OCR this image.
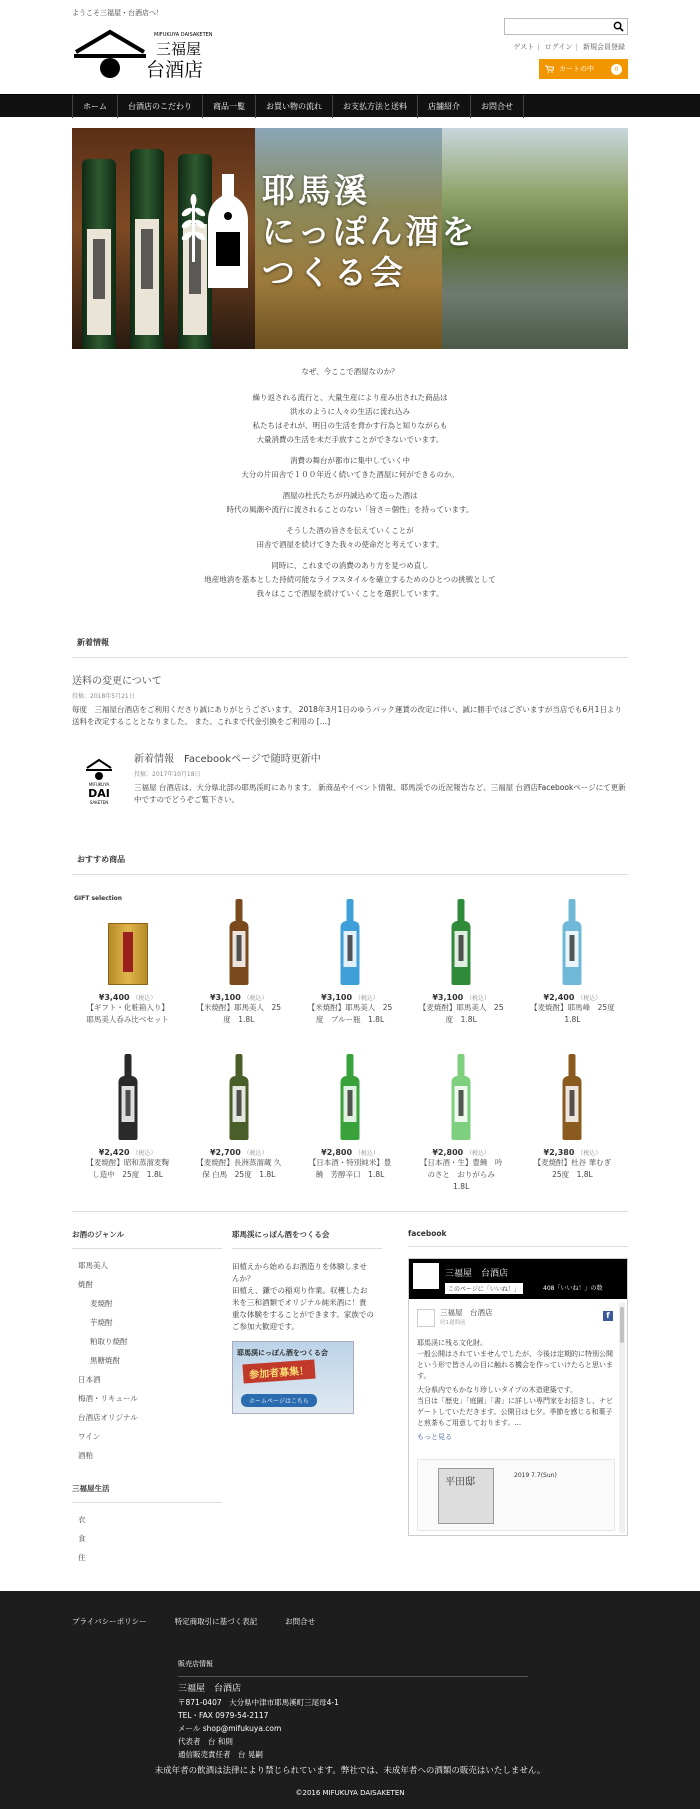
ようこそ三福屋・台酒店へ！
MIFUKUYA DAISAKETEN
三福屋
台酒店
ゲスト | ログイン | 新規会員登録
カートの中	0
ホーム	台酒店のこだわり	商品一覧	お買い物の流れ	お支払方法と送料	店舗紹介	お問合せ
耶馬溪
にっぽん酒を
つくる会

なぜ、今ここで酒屋なのか？

繰り返される流行と、大量生産により産み出された商品は
洪水のように人々の生活に流れ込み
私たちはそれが、明日の生活を脅かす行為と知りながらも
大量消費の生活を未だ手放すことができないでいます。

消費の舞台が都市に集中していく中
大分の片田舎で１００年近く続いてきた酒屋に何ができるのか。

酒屋の杜氏たちが丹誠込めて造った酒は
時代の風潮や流行に流されることのない「旨さ＝個性」を持っています。

そうした酒の旨さを伝えていくことが
田舎で酒屋を続けてきた我々の使命だと考えています。

同時に、これまでの消費のあり方を見つめ直し
地産地消を基本とした持続可能なライフスタイルを確立するためのひとつの挑戦として
我々はここで酒屋を続けていくことを選択しています。

新着情報
送料の変更について
投稿：2018年5月21日
毎度　三福屋台酒店をご利用くださり誠にありがとうございます。 2018年3月1日のゆうパック運賃の改定に伴い、誠に勝手ではございますが当店でも6月1日より送料を改定することとなりました。 また、これまで代金引換をご利用の […]
MIFUKUYA
DAI
SAKETEN
新着情報　Facebookページで随時更新中
投稿：2017年10月18日
三福屋 台酒店は、大分県北部の耶馬渓町にあります。 新商品やイベント情報、耶馬渓での近況報告など、三福屋 台酒店Facebookページにて更新中ですのでどうぞご覧下さい。
おすすめ商品
GIFT selection
¥3,400 （税込）
【ギフト・化粧箱入り】耶馬美人呑み比べセット
¥3,100 （税込）
【米焼酎】耶馬美人　25度　1.8L
¥3,100 （税込）
【米焼酎】耶馬美人　25度　ブルー瓶　1.8L
¥3,100 （税込）
【麦焼酎】耶馬美人　25度　1.8L
¥2,400 （税込）
【麦焼酎】耶馬峰　25度　1.8L
¥2,420 （税込）
【麦焼酎】昭和蒸溜麦麴し造中　25度　1.8L
¥2,700 （税込）
【麦焼酎】長洲蒸溜蔵 久保 白馬　25度　1.8L
¥2,800 （税込）
【日本酒・特別純米】豊饒　芳醇辛口　1.8L
¥2,800 （税込）
【日本酒・生】豊饒　吟のさと　おりがらみ　1.8L
¥2,380 （税込）
【麦焼酎】杜谷 華むぎ　25度　1.8L
お酒のジャンル
耶馬美人
焼酎
麦焼酎
芋焼酎
粕取り焼酎
黒糖焼酎
日本酒
梅酒・リキュール
台酒店オリジナル
ワイン
酒粕
三福屋生活
衣
食
住
耶馬渓にっぽん酒をつくる会
田植えから始めるお酒造りを体験しませんか？
田植え、鎌での稲刈り作業。収穫したお米を三和酒類でオリジナル純米酒に！貴重な体験をすることができます。家族でのご参加大歓迎です。
耶馬渓にっぽん酒をつくる会
参加者募集！
ホームページはこちら
facebook
三福屋　台酒店
このページに「いいね！」	408「いいね！」の数
f
三福屋　台酒店
約1週間前

耶馬渓に残る文化財。
一般公開はされていませんでしたが、今後は定期的に特別公開という形で皆さんの目に触れる機会を作っていけたらと思います。

大分県内でもかなり珍しいタイプの木造建築です。
当日は「歴史」「庭園」「書」に詳しい専門家をお招きし、ナビゲートしていただきます。公開日は七夕。季節を感じる和菓子と煎茶もご用意しております。...

もっと見る
平田邸
2019 7.7(Sun)
プライバシーポリシー	特定商取引に基づく表記	お問合せ
販売店情報
三福屋　台酒店
〒871-0407　大分県中津市耶馬溪町三尾母4-1
TEL・FAX 0979-54-2117
メール shop@mifukuya.com
代表者　台 和則
通信販売責任者　台 晃嗣
未成年者の飲酒は法律により禁じられています。弊社では、未成年者への酒類の販売はいたしません。
©2016 MIFUKUYA DAISAKETEN
